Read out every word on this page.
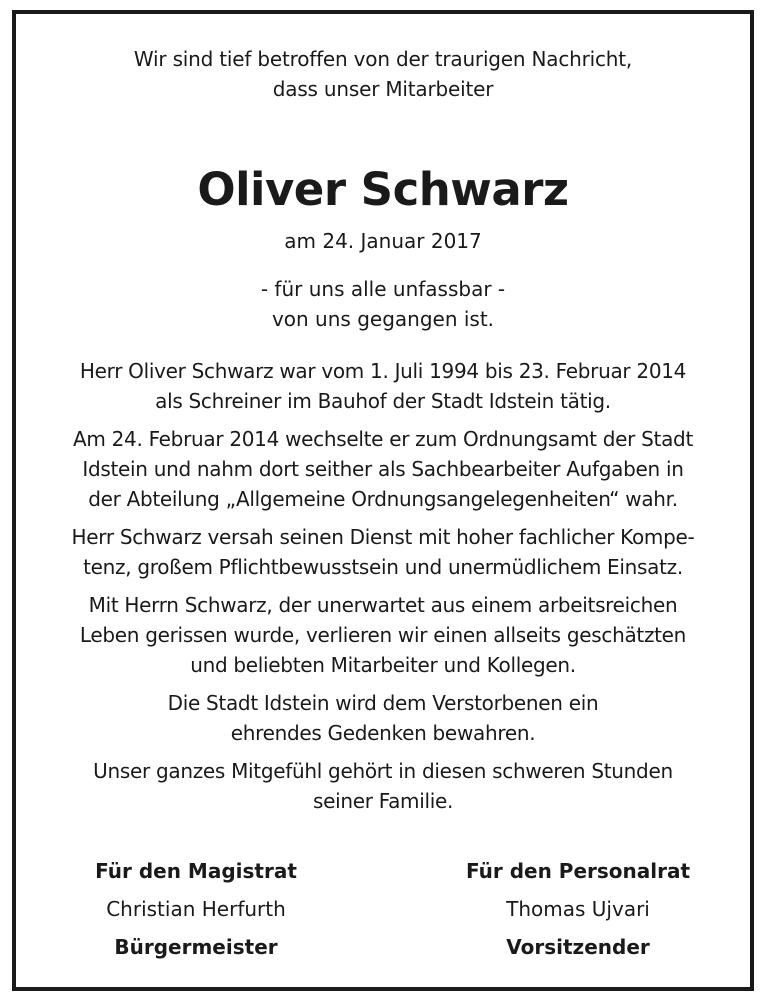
Wir sind tief betroffen von der traurigen Nachricht,
dass unser Mitarbeiter
Oliver Schwarz
am 24. Januar 2017
- für uns alle unfassbar -
von uns gegangen ist.

Herr Oliver Schwarz war vom 1. Juli 1994 bis 23. Februar 2014
als Schreiner im Bauhof der Stadt Idstein tätig.

Am 24. Februar 2014 wechselte er zum Ordnungsamt der Stadt
Idstein und nahm dort seither als Sachbearbeiter Aufgaben in
der Abteilung „Allgemeine Ordnungsangelegenheiten“ wahr.

Herr Schwarz versah seinen Dienst mit hoher fachlicher Kompe-
tenz, großem Pflichtbewusstsein und unermüdlichem Einsatz.

Mit Herrn Schwarz, der unerwartet aus einem arbeitsreichen
Leben gerissen wurde, verlieren wir einen allseits geschätzten
und beliebten Mitarbeiter und Kollegen.

Die Stadt Idstein wird dem Verstorbenen ein
ehrendes Gedenken bewahren.

Unser ganzes Mitgefühl gehört in diesen schweren Stunden
seiner Familie.

Für den Magistrat
Christian Herfurth
Bürgermeister
Für den Personalrat
Thomas Ujvari
Vorsitzender
